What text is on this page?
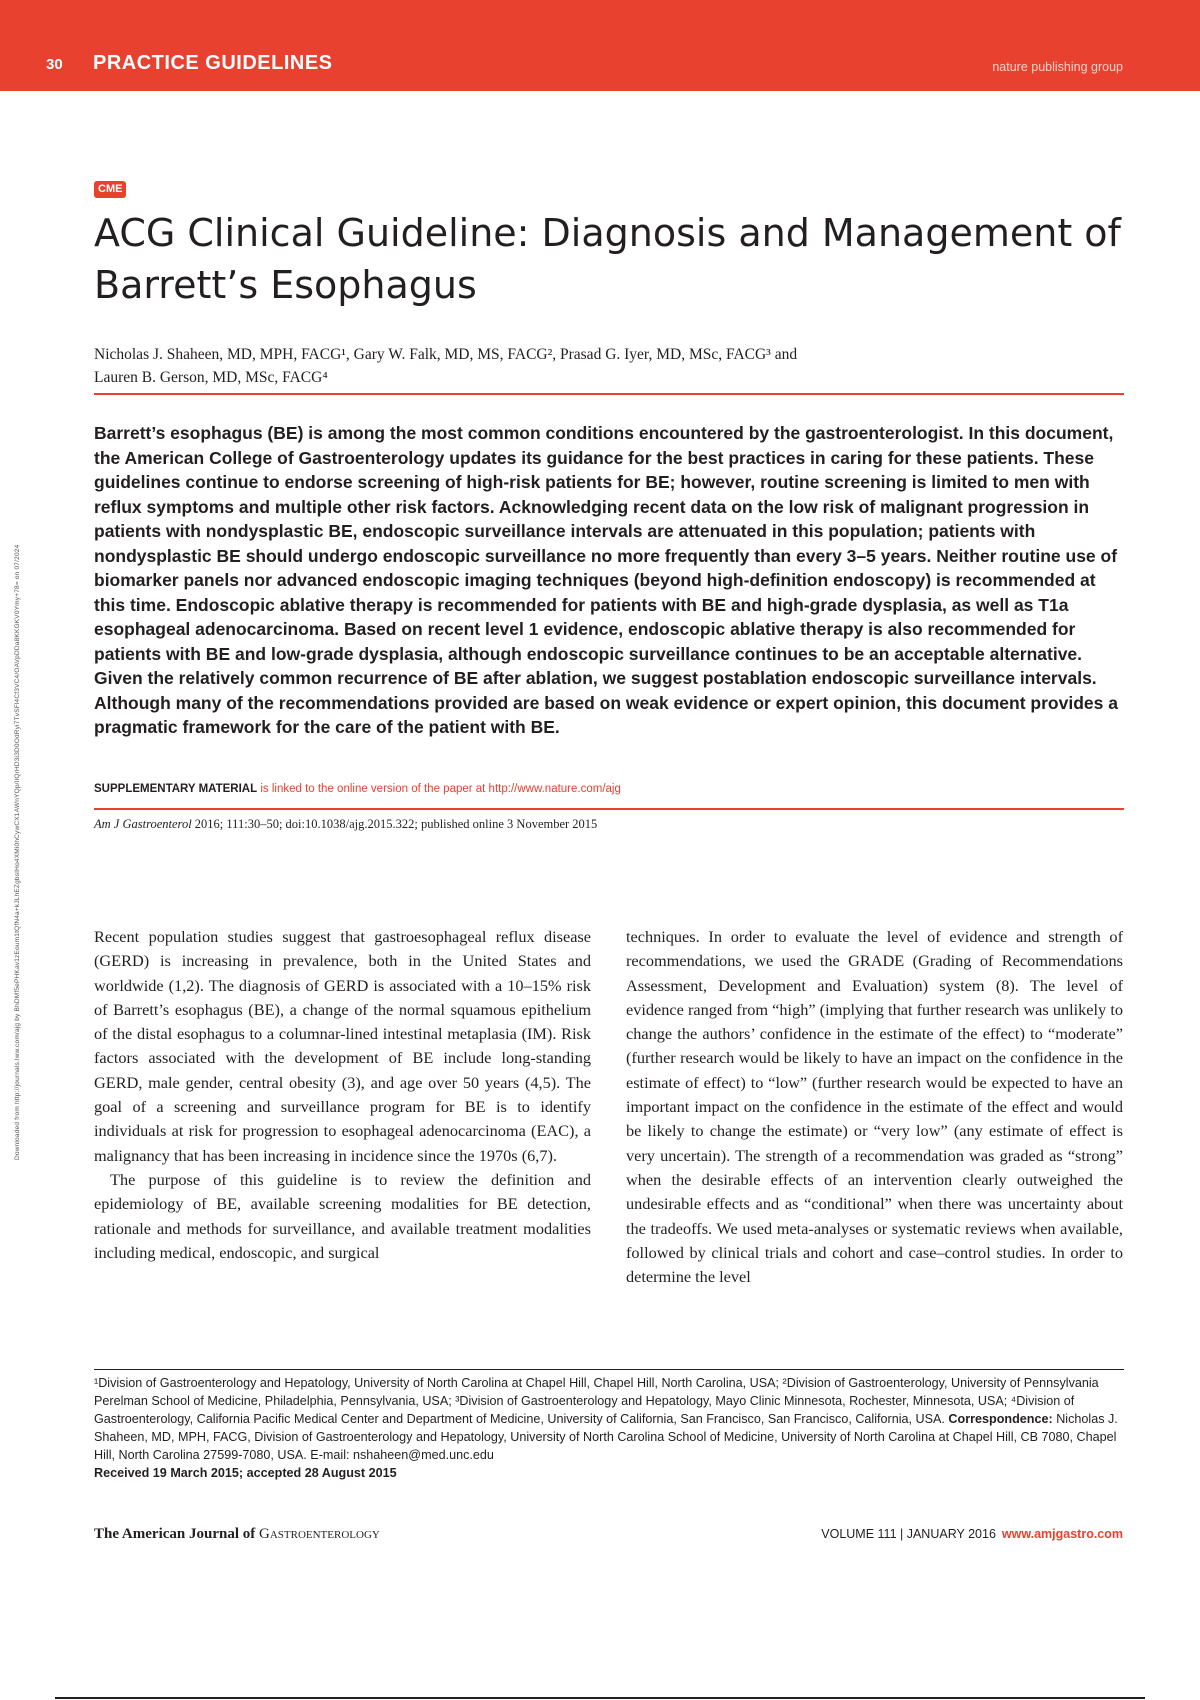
30 PRACTICE GUIDELINES	nature publishing group
Downloaded from http://journals.lww.com/ajg by BhDMf5ePHKav1zEoum1tQfN4a+kJLhEZgbsIHo4XMi0hCywCX1AWnYQp/IlQrHD3i3D0OdRyi7TvSFl4Cf3VC4/OAVpDDa8KKGKV0Ymy+78= on 07/2024
CME
ACG Clinical Guideline: Diagnosis and Management of Barrett’s Esophagus
Nicholas J. Shaheen, MD, MPH, FACG¹, Gary W. Falk, MD, MS, FACG², Prasad G. Iyer, MD, MSc, FACG³ and
Lauren B. Gerson, MD, MSc, FACG⁴

Barrett’s esophagus (BE) is among the most common conditions encountered by the gastroenterologist. In this document, the American College of Gastroenterology updates its guidance for the best practices in caring for these patients. These guidelines continue to endorse screening of high-risk patients for BE; however, routine screening is limited to men with reflux symptoms and multiple other risk factors. Acknowledging recent data on the low risk of malignant progression in patients with nondysplastic BE, endoscopic surveillance intervals are attenuated in this population; patients with nondysplastic BE should undergo endoscopic surveillance no more frequently than every 3–5 years. Neither routine use of biomarker panels nor advanced endoscopic imaging techniques (beyond high-definition endoscopy) is recommended at this time. Endoscopic ablative therapy is recommended for patients with BE and high-grade dysplasia, as well as T1a esophageal adenocarcinoma. Based on recent level 1 evidence, endoscopic ablative therapy is also recommended for patients with BE and low-grade dysplasia, although endoscopic surveillance continues to be an acceptable alternative. Given the relatively common recurrence of BE after ablation, we suggest postablation endoscopic surveillance intervals. Although many of the recommendations provided are based on weak evidence or expert opinion, this document provides a pragmatic framework for the care of the patient with BE.

SUPPLEMENTARY MATERIAL is linked to the online version of the paper at http://www.nature.com/ajg
Am J Gastroenterol 2016; 111:30–50; doi:10.1038/ajg.2015.322; published online 3 November 2015

Recent population studies suggest that gastroesophageal reflux disease (GERD) is increasing in prevalence, both in the United States and worldwide (1,2). The diagnosis of GERD is associated with a 10–15% risk of Barrett’s esophagus (BE), a change of the normal squamous epithelium of the distal esophagus to a columnar-lined intestinal metaplasia (IM). Risk factors associated with the development of BE include long-standing GERD, male gender, central obesity (3), and age over 50 years (4,5). The goal of a screening and surveillance program for BE is to identify individuals at risk for progression to esophageal adenocarcinoma (EAC), a malignancy that has been increasing in incidence since the 1970s (6,7).

The purpose of this guideline is to review the definition and epidemiology of BE, available screening modalities for BE detection, rationale and methods for surveillance, and available treatment modalities including medical, endoscopic, and surgical

techniques. In order to evaluate the level of evidence and strength of recommendations, we used the GRADE (Grading of Recommendations Assessment, Development and Evaluation) system (8). The level of evidence ranged from “high” (implying that further research was unlikely to change the authors’ confidence in the estimate of the effect) to “moderate” (further research would be likely to have an impact on the confidence in the estimate of effect) to “low” (further research would be expected to have an important impact on the confidence in the estimate of the effect and would be likely to change the estimate) or “very low” (any estimate of effect is very uncertain). The strength of a recommendation was graded as “strong” when the desirable effects of an intervention clearly outweighed the undesirable effects and as “conditional” when there was uncertainty about the tradeoffs. We used meta-analyses or systematic reviews when available, followed by clinical trials and cohort and case–control studies. In order to determine the level

¹Division of Gastroenterology and Hepatology, University of North Carolina at Chapel Hill, Chapel Hill, North Carolina, USA; ²Division of Gastroenterology, University of Pennsylvania Perelman School of Medicine, Philadelphia, Pennsylvania, USA; ³Division of Gastroenterology and Hepatology, Mayo Clinic Minnesota, Rochester, Minnesota, USA; ⁴Division of Gastroenterology, California Pacific Medical Center and Department of Medicine, University of California, San Francisco, San Francisco, California, USA. Correspondence: Nicholas J. Shaheen, MD, MPH, FACG, Division of Gastroenterology and Hepatology, University of North Carolina School of Medicine, University of North Carolina at Chapel Hill, CB 7080, Chapel Hill, North Carolina 27599-7080, USA. E-mail: nshaheen@med.unc.edu
Received 19 March 2015; accepted 28 August 2015
The American Journal of Gastroenterology	VOLUME 111 | JANUARY 2016 www.amjgastro.com
